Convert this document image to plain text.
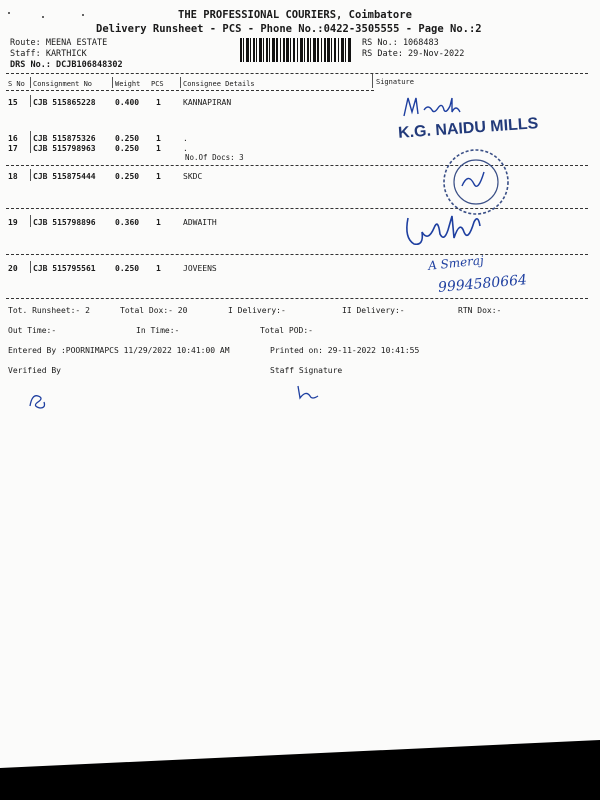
THE PROFESSIONAL COURIERS, Coimbatore
Delivery Runsheet - PCS - Phone No.:0422-3505555 - Page No.:2
Route: MEENA ESTATE
Staff: KARTHICK
DRS No.: DCJB106848302
RS No.: 1068483
RS Date: 29-Nov-2022
S No Consignment No	Weight PCS	Consignee Details	Signature
15 CJB 515865228 0.400 1	KANNAPIRAN
16 CJB 515875326 0.250 1	.
17 CJB 515798963 0.250 1	.
No.Of Docs: 3
18 CJB 515875444 0.250 1	SKDC
19 CJB 515798896 0.360 1	ADWAITH
20 CJB 515795561 0.250 1	JOVEENS
K.G. NAIDU MILLS
A Smeraj
9994580664
Tot. Runsheet:- 2	Total Dox:- 20	I Delivery:-	II Delivery:-	RTN Dox:-
Out Time:-	In Time:-	Total POD:-
Entered By :POORNIMAPCS 11/29/2022 10:41:00 AM	Printed on: 29-11-2022 10:41:55
Verified By	Staff Signature
